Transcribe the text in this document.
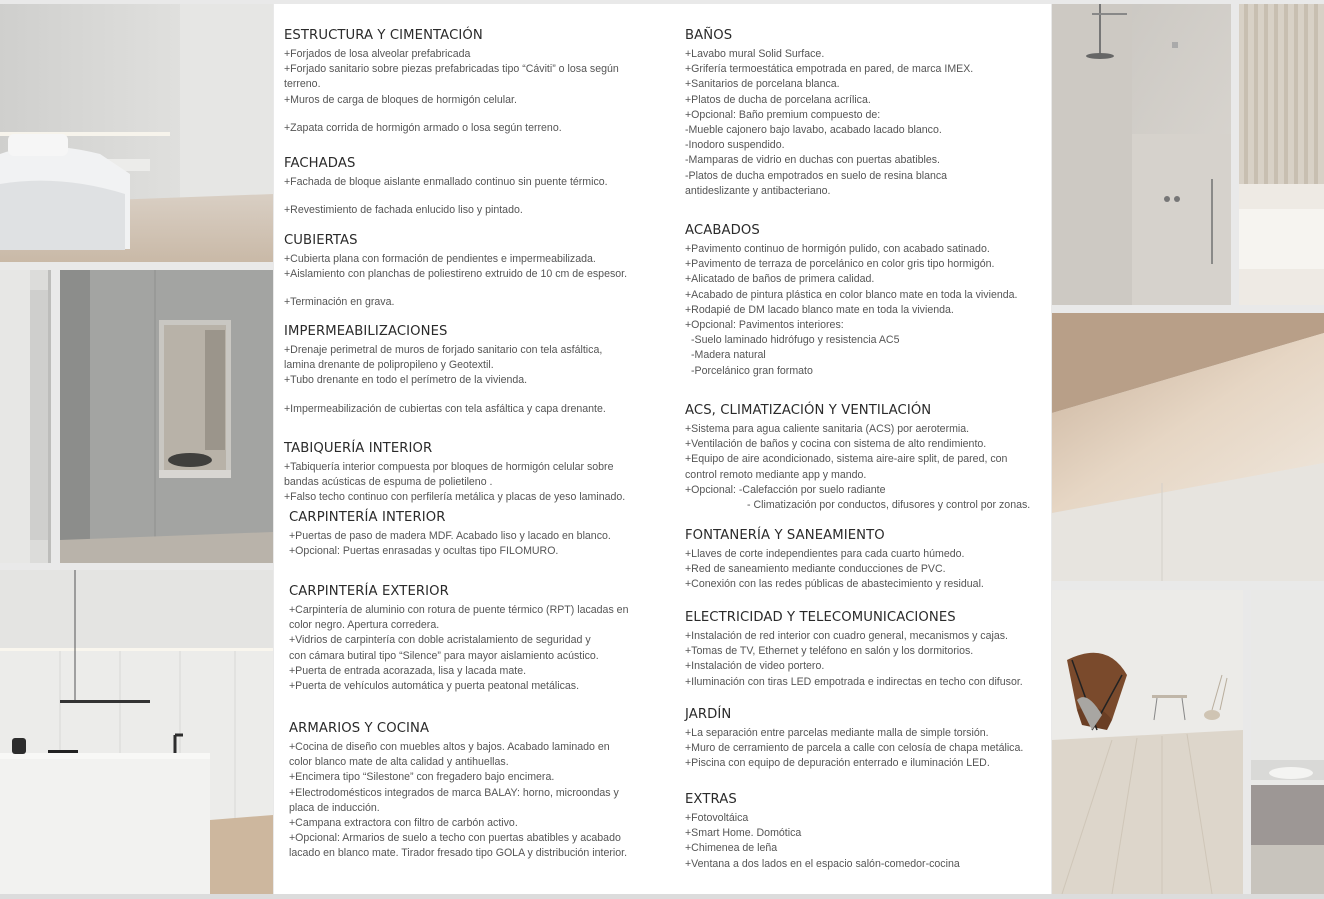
ESTRUCTURA Y CIMENTACIÓN

+Forjados de losa alveolar prefabricada

+Forjado sanitario sobre piezas prefabricadas tipo “Cáviti” o losa según

terreno.

+Muros de carga de bloques de hormigón celular.

+Zapata corrida de hormigón armado o losa según terreno.

FACHADAS

+Fachada de bloque aislante enmallado continuo sin puente térmico.

+Revestimiento de fachada enlucido liso y pintado.

CUBIERTAS

+Cubierta plana con formación de pendientes e impermeabilizada.

+Aislamiento con planchas de poliestireno extruido de 10 cm de espesor.

+Terminación en grava.

IMPERMEABILIZACIONES

+Drenaje perimetral de muros de forjado sanitario con tela asfáltica,

lamina drenante de polipropileno y Geotextil.

+Tubo drenante en todo el perímetro de la vivienda.

+Impermeabilización de cubiertas con tela asfáltica y capa drenante.

TABIQUERÍA INTERIOR

+Tabiquería interior compuesta por bloques de hormigón celular sobre

bandas acústicas de espuma de polietileno .

+Falso techo continuo con perfilería metálica y placas de yeso laminado.

CARPINTERÍA INTERIOR

+Puertas de paso de madera MDF. Acabado liso y lacado en blanco.

+Opcional: Puertas enrasadas y ocultas tipo FILOMURO.

CARPINTERÍA EXTERIOR

+Carpintería de aluminio con rotura de puente térmico (RPT) lacadas en

color negro. Apertura corredera.

+Vidrios de carpintería con doble acristalamiento de seguridad y

con cámara butiral tipo “Silence” para mayor aislamiento acústico.

+Puerta de entrada acorazada, lisa y lacada mate.

+Puerta de vehículos automática y puerta peatonal metálicas.

ARMARIOS Y COCINA

+Cocina de diseño con muebles altos y bajos. Acabado laminado en

color blanco mate de alta calidad y antihuellas.

+Encimera tipo “Silestone” con fregadero bajo encimera.

+Electrodomésticos integrados de marca BALAY: horno, microondas y

placa de inducción.

+Campana extractora con filtro de carbón activo.

+Opcional: Armarios de suelo a techo con puertas abatibles y acabado

lacado en blanco mate. Tirador fresado tipo GOLA y distribución interior.

BAÑOS

+Lavabo mural Solid Surface.

+Grifería termoestática empotrada en pared, de marca IMEX.

+Sanitarios de porcelana blanca.

+Platos de ducha de porcelana acrílica.

+Opcional: Baño premium compuesto de:

-Mueble cajonero bajo lavabo, acabado lacado blanco.

-Inodoro suspendido.

-Mamparas de vidrio en duchas con puertas abatibles.

-Platos de ducha empotrados en suelo de resina blanca

antideslizante y antibacteriano.

ACABADOS

+Pavimento continuo de hormigón pulido, con acabado satinado.

+Pavimento de terraza de porcelánico en color gris tipo hormigón.

+Alicatado de baños de primera calidad.

+Acabado de pintura plástica en color blanco mate en toda la vivienda.

+Rodapié de DM lacado blanco mate en toda la vivienda.

+Opcional: Pavimentos interiores:

-Suelo laminado hidrófugo y resistencia AC5

-Madera natural

-Porcelánico gran formato

ACS, CLIMATIZACIÓN Y VENTILACIÓN

+Sistema para agua caliente sanitaria (ACS) por aerotermia.

+Ventilación de baños y cocina con sistema de alto rendimiento.

+Equipo de aire acondicionado, sistema aire-aire split, de pared, con

control remoto mediante app y mando.

+Opcional: -Calefacción por suelo radiante

- Climatización por conductos, difusores y control por zonas.

FONTANERÍA Y SANEAMIENTO

+Llaves de corte independientes para cada cuarto húmedo.

+Red de saneamiento mediante conducciones de PVC.

+Conexión con las redes públicas de abastecimiento y residual.

ELECTRICIDAD Y TELECOMUNICACIONES

+Instalación de red interior con cuadro general, mecanismos y cajas.

+Tomas de TV, Ethernet y teléfono en salón y los dormitorios.

+Instalación de video portero.

+Iluminación con tiras LED empotrada e indirectas en techo con difusor.

JARDÍN

+La separación entre parcelas mediante malla de simple torsión.

+Muro de cerramiento de parcela a calle con celosía de chapa metálica.

+Piscina con equipo de depuración enterrado e iluminación LED.

EXTRAS

+Fotovoltáica

+Smart Home. Domótica

+Chimenea de leña

+Ventana a dos lados en el espacio salón-comedor-cocina
